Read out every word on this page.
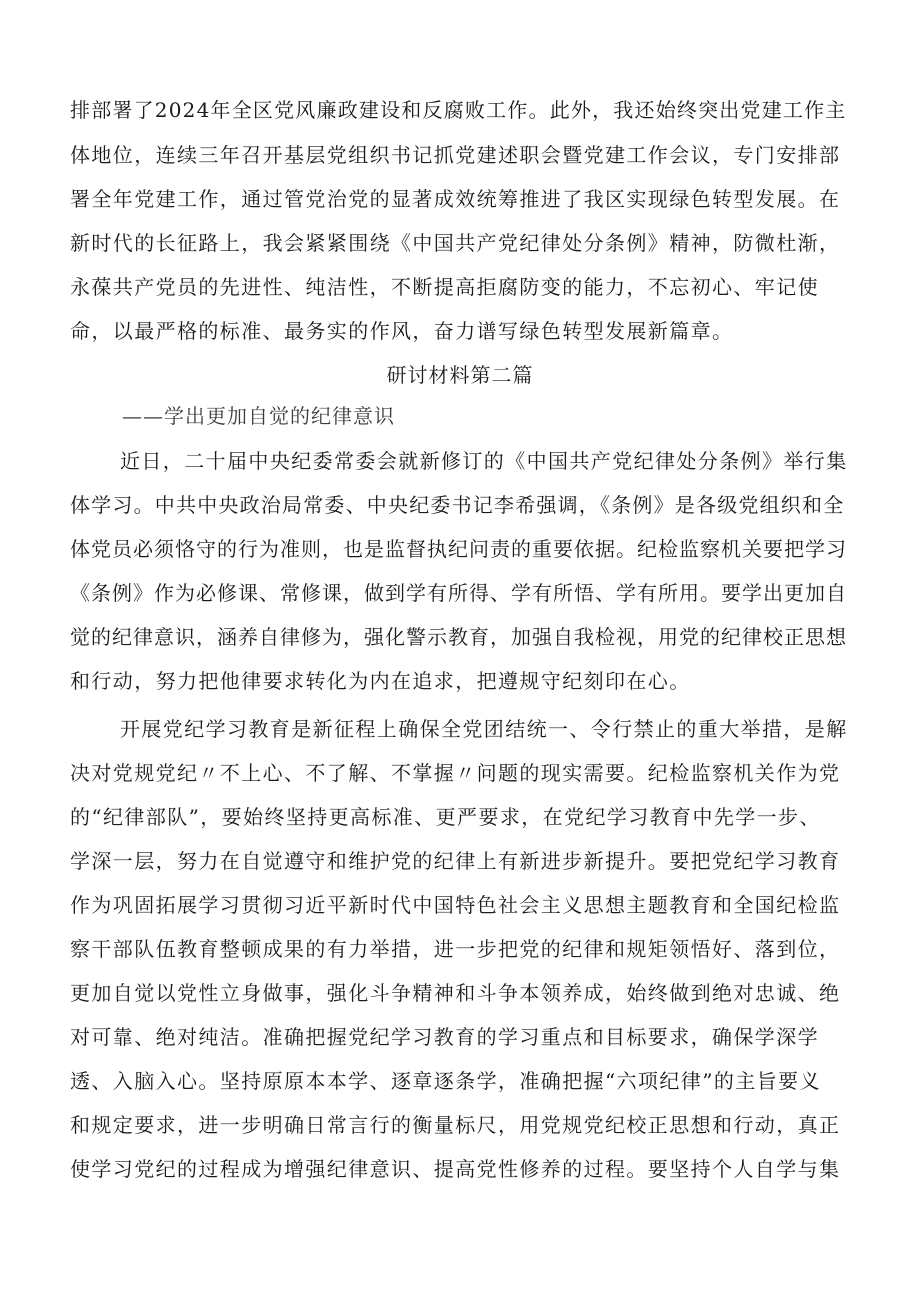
排部署了2024年全区党风廉政建设和反腐败工作。此外，我还始终突出党建工作主
体地位，连续三年召开基层党组织书记抓党建述职会暨党建工作会议，专门安排部
署全年党建工作，通过管党治党的显著成效统筹推进了我区实现绿色转型发展。在
新时代的长征路上，我会紧紧围绕《中国共产党纪律处分条例》精神，防微杜渐，
永葆共产党员的先进性、纯洁性，不断提高拒腐防变的能力，不忘初心、牢记使
命，以最严格的标准、最务实的作风，奋力谱写绿色转型发展新篇章。
研讨材料第二篇
——学出更加自觉的纪律意识
近日，二十届中央纪委常委会就新修订的《中国共产党纪律处分条例》举行集
体学习。中共中央政治局常委、中央纪委书记李希强调，《条例》是各级党组织和全
体党员必须恪守的行为准则，也是监督执纪问责的重要依据。纪检监察机关要把学习
《条例》作为必修课、常修课，做到学有所得、学有所悟、学有所用。要学出更加自
觉的纪律意识，涵养自律修为，强化警示教育，加强自我检视，用党的纪律校正思想
和行动，努力把他律要求转化为内在追求，把遵规守纪刻印在心。
开展党纪学习教育是新征程上确保全党团结统一、令行禁止的重大举措，是解
决对党规党纪〃不上心、不了解、不掌握〃问题的现实需要。纪检监察机关作为党
的“纪律部队”，要始终坚持更高标准、更严要求，在党纪学习教育中先学一步、
学深一层，努力在自觉遵守和维护党的纪律上有新进步新提升。要把党纪学习教育
作为巩固拓展学习贯彻习近平新时代中国特色社会主义思想主题教育和全国纪检监
察干部队伍教育整顿成果的有力举措，进一步把党的纪律和规矩领悟好、落到位，
更加自觉以党性立身做事，强化斗争精神和斗争本领养成，始终做到绝对忠诚、绝
对可靠、绝对纯洁。准确把握党纪学习教育的学习重点和目标要求，确保学深学
透、入脑入心。坚持原原本本学、逐章逐条学，准确把握“六项纪律”的主旨要义
和规定要求，进一步明确日常言行的衡量标尺，用党规党纪校正思想和行动，真正
使学习党纪的过程成为增强纪律意识、提高党性修养的过程。要坚持个人自学与集
